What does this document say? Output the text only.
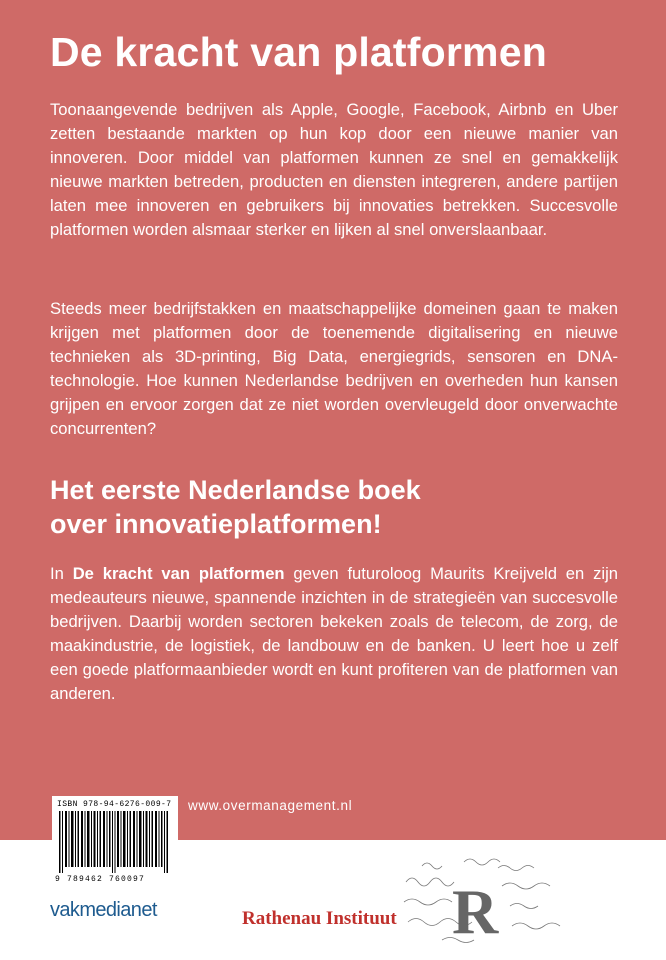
De kracht van platformen

Toonaangevende bedrijven als Apple, Google, Facebook, Airbnb en Uber zetten bestaande markten op hun kop door een nieuwe manier van innoveren. Door middel van platformen kunnen ze snel en gemakkelijk nieuwe markten betreden, producten en diensten integreren, andere partijen laten mee innoveren en gebruikers bij innovaties betrekken. Succesvolle platformen worden alsmaar sterker en lijken al snel onverslaanbaar.

Steeds meer bedrijfstakken en maatschappelijke domeinen gaan te maken krijgen met platformen door de toenemende digitalisering en nieuwe technieken als 3D-printing, Big Data, energiegrids, sensoren en DNA-technologie. Hoe kunnen Nederlandse bedrijven en overheden hun kansen grijpen en ervoor zorgen dat ze niet worden overvleugeld door onverwachte concurrenten?

Het eerste Nederlandse boek
over innovatieplatformen!

In De kracht van platformen geven futuroloog Maurits Kreijveld en zijn medeauteurs nieuwe, spannende inzichten in de strategieën van succesvolle bedrijven. Daarbij worden sectoren bekeken zoals de telecom, de zorg, de maakindustrie, de logistiek, de landbouw en de banken. U leert hoe u zelf een goede platformaanbieder wordt en kunt profiteren van de platformen van anderen.

www.overmanagement.nl
ISBN 978-94-6276-009-7
9 789462 760097
vakmedianet	Rathenau Instituut R
